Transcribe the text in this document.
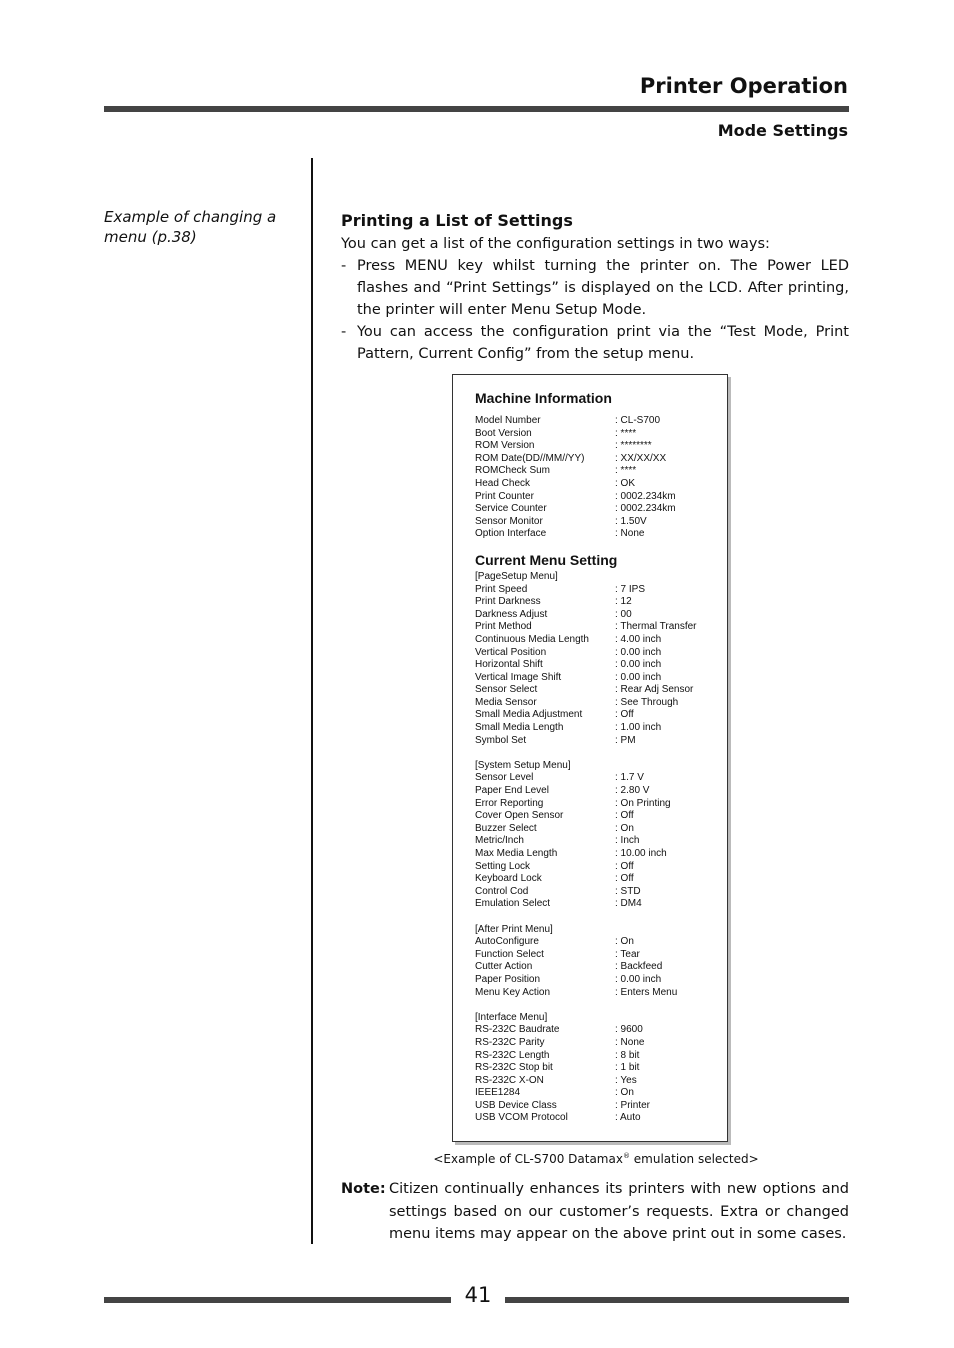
Printer Operation
Mode Settings
Example of changing a menu (p.38)
Printing a List of Settings

You can get a list of the configuration settings in two ways:

- Press MENU key whilst turning the printer on. The Power LED flashes and “Print Settings” is displayed on the LCD. After printing, the printer will enter Menu Setup Mode.
- You can access the configuration print via the “Test Mode, Print Pattern, Current Config” from the setup menu.
Machine Information
Model Number	: CL-S700
Boot Version	: ****
ROM Version	: ********
ROM Date(DD//MM//YY)	: XX/XX/XX
ROMCheck Sum	: ****
Head Check	: OK
Print Counter	: 0002.234km
Service Counter	: 0002.234km
Sensor Monitor	: 1.50V
Option Interface	: None
Current Menu Setting
[PageSetup Menu]
Print Speed	: 7 IPS
Print Darkness	: 12
Darkness Adjust	: 00
Print Method	: Thermal Transfer
Continuous Media Length	: 4.00 inch
Vertical Position	: 0.00 inch
Horizontal Shift	: 0.00 inch
Vertical Image Shift	: 0.00 inch
Sensor Select	: Rear Adj Sensor
Media Sensor	: See Through
Small Media Adjustment	: Off
Small Media Length	: 1.00 inch
Symbol Set	: PM
[System Setup Menu]
Sensor Level	: 1.7 V
Paper End Level	: 2.80 V
Error Reporting	: On Printing
Cover Open Sensor	: Off
Buzzer Select	: On
Metric/Inch	: Inch
Max Media Length	: 10.00 inch
Setting Lock	: Off
Keyboard Lock	: Off
Control Cod	: STD
Emulation Select	: DM4
[After Print Menu]
AutoConfigure	: On
Function Select	: Tear
Cutter Action	: Backfeed
Paper Position	: 0.00 inch
Menu Key Action	: Enters Menu
[Interface Menu]
RS-232C Baudrate	: 9600
RS-232C Parity	: None
RS-232C Length	: 8 bit
RS-232C Stop bit	: 1 bit
RS-232C X-ON	: Yes
IEEE1284	: On
USB Device Class	: Printer
USB VCOM Protocol	: Auto
<Example of CL-S700 Datamax® emulation selected>
Note: Citizen continually enhances its printers with new options and settings based on our customer’s requests. Extra or changed menu items may appear on the above print out in some cases.
41
